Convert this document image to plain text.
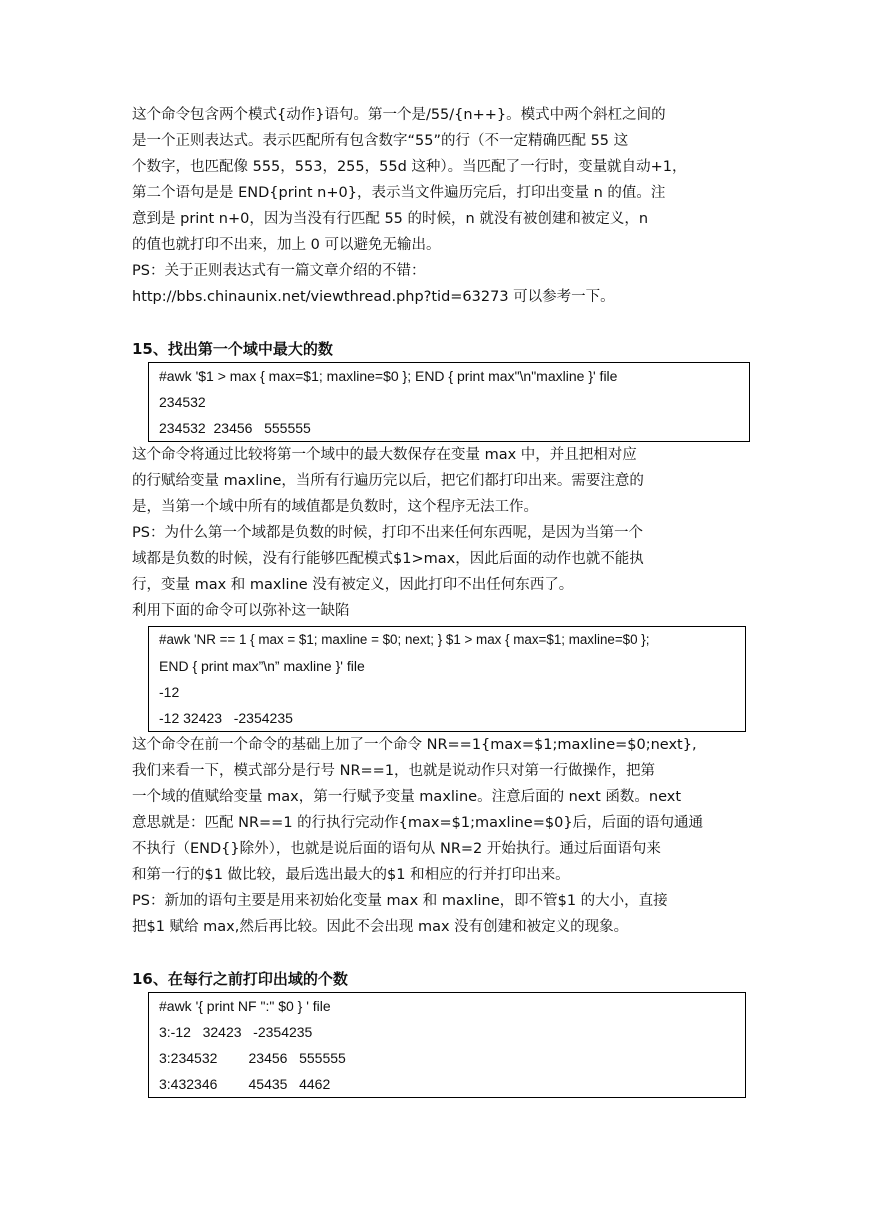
这个命令包含两个模式{动作}语句。第一个是/55/{n++}。模式中两个斜杠之间的
是一个正则表达式。表示匹配所有包含数字“55”的行（不一定精确匹配 55 这
个数字，也匹配像 555，553，255，55d 这种）。当匹配了一行时，变量就自动+1，
第二个语句是是 END{print n+0}，表示当文件遍历完后，打印出变量 n 的值。注
意到是 print n+0，因为当没有行匹配 55 的时候，n 就没有被创建和被定义，n
的值也就打印不出来，加上 0 可以避免无输出。
PS：关于正则表达式有一篇文章介绍的不错：
http://bbs.chinaunix.net/viewthread.php?tid=63273 可以参考一下。
15、找出第一个域中最大的数
#awk '$1 > max { max=$1; maxline=$0 }; END { print max"\n"maxline }' file
234532
234532  23456   555555
这个命令将通过比较将第一个域中的最大数保存在变量 max 中，并且把相对应
的行赋给变量 maxline，当所有行遍历完以后，把它们都打印出来。需要注意的
是，当第一个域中所有的域值都是负数时，这个程序无法工作。
PS：为什么第一个域都是负数的时候，打印不出来任何东西呢，是因为当第一个
域都是负数的时候，没有行能够匹配模式$1>max，因此后面的动作也就不能执
行，变量 max 和 maxline 没有被定义，因此打印不出任何东西了。
利用下面的命令可以弥补这一缺陷
#awk 'NR == 1 { max = $1; maxline = $0; next; } $1 > max { max=$1; maxline=$0 };
END { print max”\n” maxline }' file
-12
-12 32423   -2354235
这个命令在前一个命令的基础上加了一个命令 NR==1{max=$1;maxline=$0;next},
我们来看一下，模式部分是行号 NR==1，也就是说动作只对第一行做操作，把第
一个域的值赋给变量 max，第一行赋予变量 maxline。注意后面的 next 函数。next
意思就是：匹配 NR==1 的行执行完动作{max=$1;maxline=$0}后，后面的语句通通
不执行（END{}除外），也就是说后面的语句从 NR=2 开始执行。通过后面语句来
和第一行的$1 做比较，最后选出最大的$1 和相应的行并打印出来。
PS：新加的语句主要是用来初始化变量 max 和 maxline，即不管$1 的大小，直接
把$1 赋给 max,然后再比较。因此不会出现 max 没有创建和被定义的现象。
16、在每行之前打印出域的个数
#awk '{ print NF ":" $0 } ' file
3:-12   32423   -2354235
3:234532        23456   555555
3:432346        45435   4462
